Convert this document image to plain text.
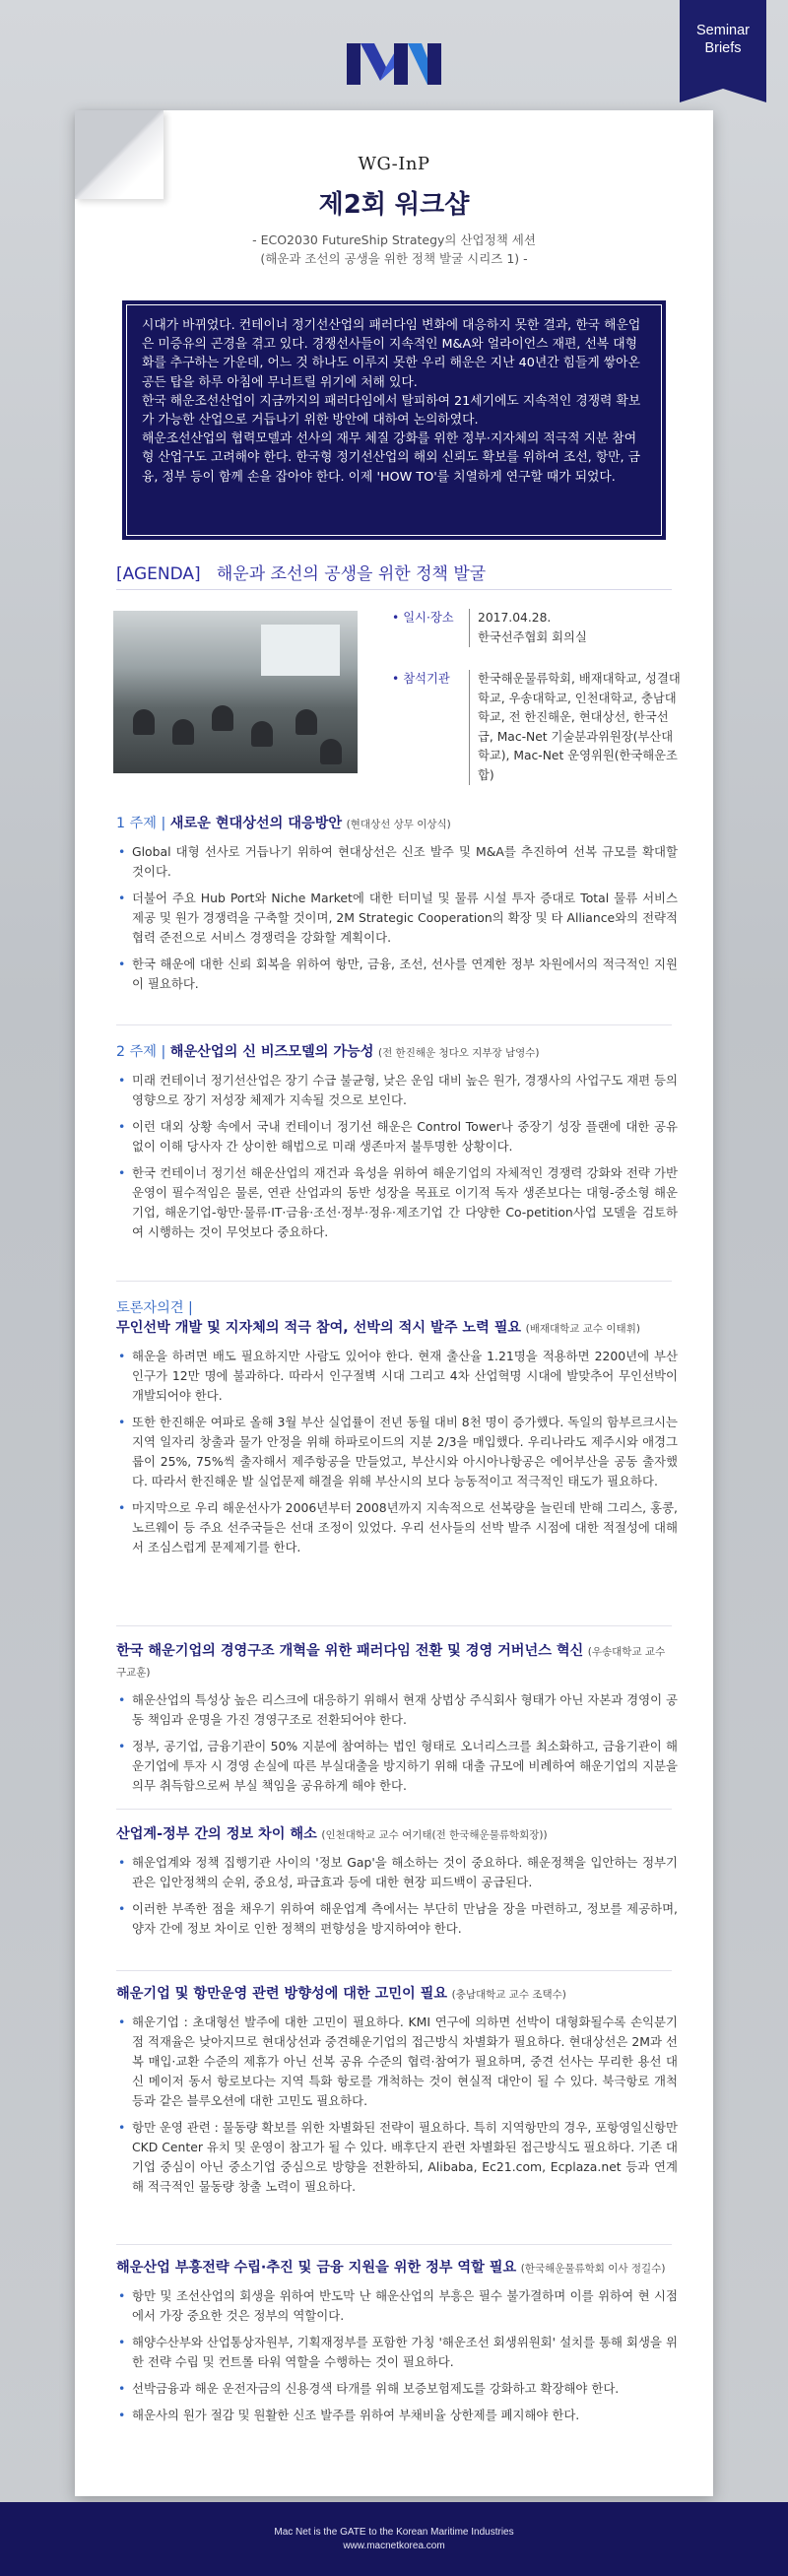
Seminar
Briefs
WG-InP
제2회 워크샵
- ECO2030 FutureShip Strategy의 산업정책 세션
(해운과 조선의 공생을 위한 정책 발굴 시리즈 1) -

시대가 바뀌었다. 컨테이너 정기선산업의 패러다임 변화에 대응하지 못한 결과, 한국 해운업은 미증유의 곤경을 겪고 있다. 경쟁선사들이 지속적인 M&A와 얼라이언스 재편, 선복 대형화를 추구하는 가운데, 어느 것 하나도 이루지 못한 우리 해운은 지난 40년간 힘들게 쌓아온 공든 탑을 하루 아침에 무너트릴 위기에 처해 있다.

한국 해운조선산업이 지금까지의 패러다임에서 탈피하여 21세기에도 지속적인 경쟁력 확보가 가능한 산업으로 거듭나기 위한 방안에 대하여 논의하였다.

해운조선산업의 협력모델과 선사의 재무 체질 강화를 위한 정부·지자체의 적극적 지분 참여형 산업구도 고려해야 한다. 한국형 정기선산업의 해외 신뢰도 확보를 위하여 조선, 항만, 금융, 정부 등이 함께 손을 잡아야 한다. 이제 'HOW TO'를 치열하게 연구할 때가 되었다.

[AGENDA] 해운과 조선의 공생을 위한 정책 발굴
• 일시·장소 2017.04.28.
한국선주협회 회의실
• 참석기관	한국해운물류학회, 배재대학교, 성결대학교, 우송대학교, 인천대학교, 충남대학교, 전 한진해운, 현대상선, 한국선급, Mac-Net 기술분과위원장(부산대학교), Mac-Net 운영위원(한국해운조합)
1 주제 | 새로운 현대상선의 대응방안 (현대상선 상무 이상식)
• Global 대형 선사로 거듭나기 위하여 현대상선은 신조 발주 및 M&A를 추진하여 선복 규모를 확대할 것이다.
• 더불어 주요 Hub Port와 Niche Market에 대한 터미널 및 물류 시설 투자 증대로 Total 물류 서비스 제공 및 원가 경쟁력을 구축할 것이며, 2M Strategic Cooperation의 확장 및 타 Alliance와의 전략적 협력 준전으로 서비스 경쟁력을 강화할 계획이다.
• 한국 해운에 대한 신뢰 회복을 위하여 항만, 금융, 조선, 선사를 연계한 정부 차원에서의 적극적인 지원이 필요하다.
2 주제 | 해운산업의 신 비즈모델의 가능성 (전 한진해운 청다오 지부장 남영수)
• 미래 컨테이너 정기선산업은 장기 수급 불균형, 낮은 운임 대비 높은 원가, 경쟁사의 사업구도 재편 등의 영향으로 장기 저성장 체제가 지속될 것으로 보인다.
• 이런 대외 상황 속에서 국내 컨테이너 정기선 해운은 Control Tower나 중장기 성장 플랜에 대한 공유 없이 이해 당사자 간 상이한 해법으로 미래 생존마저 불투명한 상황이다.
• 한국 컨테이너 정기선 해운산업의 재건과 육성을 위하여 해운기업의 자체적인 경쟁력 강화와 전략 가반운영이 필수적임은 물론, 연관 산업과의 동반 성장을 목표로 이기적 독자 생존보다는 대형-중소형 해운기업, 해운기업-항만·물류·IT·금융·조선·정부·정유·제조기업 간 다양한 Co-petition사업 모델을 검토하여 시행하는 것이 무엇보다 중요하다.
토론자의견 |
무인선박 개발 및 지자체의 적극 참여, 선박의 적시 발주 노력 필요 (배재대학교 교수 이태휘)
• 해운을 하려면 배도 필요하지만 사람도 있어야 한다. 현재 출산율 1.21명을 적용하면 2200년에 부산 인구가 12만 명에 불과하다. 따라서 인구절벽 시대 그리고 4차 산업혁명 시대에 발맞추어 무인선박이 개발되어야 한다.
• 또한 한진해운 여파로 올해 3월 부산 실업률이 전년 동월 대비 8천 명이 증가했다. 독일의 함부르크시는 지역 일자리 창출과 물가 안정을 위해 하파로이드의 지분 2/3을 매입했다. 우리나라도 제주시와 애경그룹이 25%, 75%씩 출자해서 제주항공을 만들었고, 부산시와 아시아나항공은 에어부산을 공동 출자했다. 따라서 한진해운 발 실업문제 해결을 위해 부산시의 보다 능동적이고 적극적인 태도가 필요하다.
• 마지막으로 우리 해운선사가 2006년부터 2008년까지 지속적으로 선복량을 늘린데 반해 그리스, 홍콩, 노르웨이 등 주요 선주국들은 선대 조정이 있었다. 우리 선사들의 선박 발주 시점에 대한 적절성에 대해서 조심스럽게 문제제기를 한다.
한국 해운기업의 경영구조 개혁을 위한 패러다임 전환 및 경영 거버넌스 혁신 (우송대학교 교수 구교훈)
• 해운산업의 특성상 높은 리스크에 대응하기 위해서 현재 상법상 주식회사 형태가 아닌 자본과 경영이 공동 책임과 운명을 가진 경영구조로 전환되어야 한다.
• 정부, 공기업, 금융기관이 50% 지분에 참여하는 법인 형태로 오너리스크를 최소화하고, 금융기관이 해운기업에 투자 시 경영 손실에 따른 부실대출을 방지하기 위해 대출 규모에 비례하여 해운기업의 지분을 의무 취득함으로써 부실 책임을 공유하게 해야 한다.
산업계-정부 간의 정보 차이 해소 (인천대학교 교수 여기태(전 한국해운물류학회장))
• 해운업계와 정책 집행기관 사이의 '정보 Gap'을 해소하는 것이 중요하다. 해운정책을 입안하는 정부기관은 입안정책의 순위, 중요성, 파급효과 등에 대한 현장 피드백이 공급된다.
• 이러한 부족한 점을 채우기 위하여 해운업계 측에서는 부단히 만남을 장을 마련하고, 정보를 제공하며, 양자 간에 정보 차이로 인한 정책의 편향성을 방지하여야 한다.
해운기업 및 항만운영 관련 방향성에 대한 고민이 필요 (충남대학교 교수 조택수)
• 해운기업 : 초대형선 발주에 대한 고민이 필요하다. KMI 연구에 의하면 선박이 대형화될수록 손익분기점 적재율은 낮아지므로 현대상선과 중견해운기업의 접근방식 차별화가 필요하다. 현대상선은 2M과 선복 매입·교환 수준의 제휴가 아닌 선복 공유 수준의 협력·참여가 필요하며, 중견 선사는 무리한 용선 대신 메이저 동서 항로보다는 지역 특화 항로를 개척하는 것이 현실적 대안이 될 수 있다. 북극항로 개척 등과 같은 블루오션에 대한 고민도 필요하다.
• 항만 운영 관련 : 물동량 확보를 위한 차별화된 전략이 필요하다. 특히 지역항만의 경우, 포항영일신항만 CKD Center 유치 및 운영이 참고가 될 수 있다. 배후단지 관련 차별화된 접근방식도 필요하다. 기존 대기업 중심이 아닌 중소기업 중심으로 방향을 전환하되, Alibaba, Ec21.com, Ecplaza.net 등과 연계해 적극적인 물동량 창출 노력이 필요하다.
해운산업 부흥전략 수립·추진 및 금융 지원을 위한 정부 역할 필요 (한국해운물류학회 이사 정길수)
• 항만 및 조선산업의 회생을 위하여 반도막 난 해운산업의 부흥은 필수 불가결하며 이를 위하여 현 시점에서 가장 중요한 것은 정부의 역할이다.
• 해양수산부와 산업통상자원부, 기획재정부를 포함한 가칭 '해운조선 회생위원회' 설치를 통해 회생을 위한 전략 수립 및 컨트롤 타워 역할을 수행하는 것이 필요하다.
• 선박금융과 해운 운전자금의 신용경색 타개를 위해 보증보험제도를 강화하고 확장해야 한다.
• 해운사의 원가 절감 및 원활한 신조 발주를 위하여 부채비율 상한제를 폐지해야 한다.
Mac Net is the GATE to the Korean Maritime Industries
www.macnetkorea.com
